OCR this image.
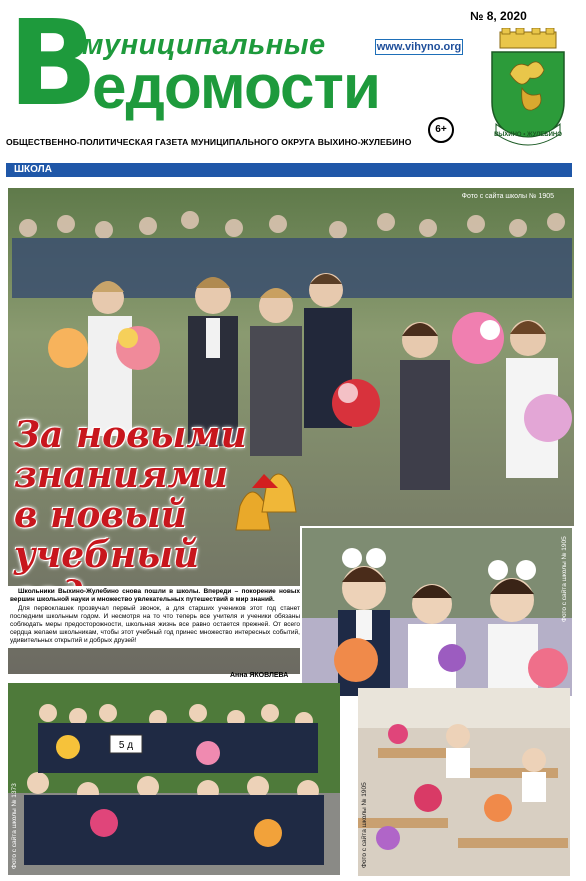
В
муниципальные
едомости
www.vihyno.org
№ 8, 2020
6+
ОБЩЕСТВЕННО-ПОЛИТИЧЕСКАЯ ГАЗЕТА МУНИЦИПАЛЬНОГО ОКРУГА ВЫХИНО-ЖУЛЕБИНО
ВЫХИНО • ЖУЛЕБИНО
ШКОЛА
Фото с сайта школы № 1905
За новыми
знаниями
в новый
учебный

Школьники Выхино-Жулебино снова пошли в школы. Впереди – покорение новых вершин школьной науки и множество увлекательных путешествий в мир знаний.

Для первоклашек прозвучал первый звонок, а для старших учеников этот год станет последним школьным годом. И несмотря на то что теперь все учителя и ученики обязаны соблюдать меры предосторожности, школьная жизнь все равно остается прежней. От всего сердца желаем школьникам, чтобы этот учебный год принес множество интересных событий, удивительных открытий и добрых друзей!

Анна ЯКОВЛЕВА
Фото с сайта школы № 1905
5 д
Фото с сайта школы № 1373	Фото с сайта школы № 1905
